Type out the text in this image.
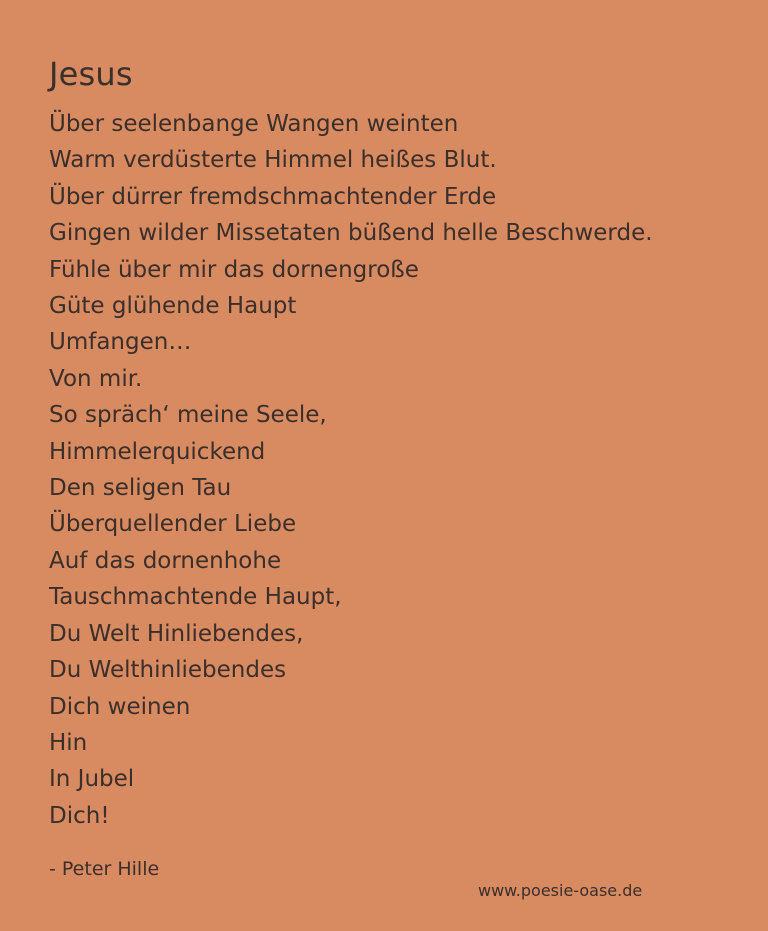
Jesus
Über seelenbange Wangen weinten
Warm verdüsterte Himmel heißes Blut.
Über dürrer fremdschmachtender Erde
Gingen wilder Missetaten büßend helle Beschwerde.
Fühle über mir das dornengroße
Güte glühende Haupt
Umfangen…
Von mir.
So spräch‘ meine Seele,
Himmelerquickend
Den seligen Tau
Überquellender Liebe
Auf das dornenhohe
Tauschmachtende Haupt,
Du Welt Hinliebendes,
Du Welthinliebendes
Dich weinen
Hin
In Jubel
Dich!
- Peter Hille
www.poesie-oase.de
